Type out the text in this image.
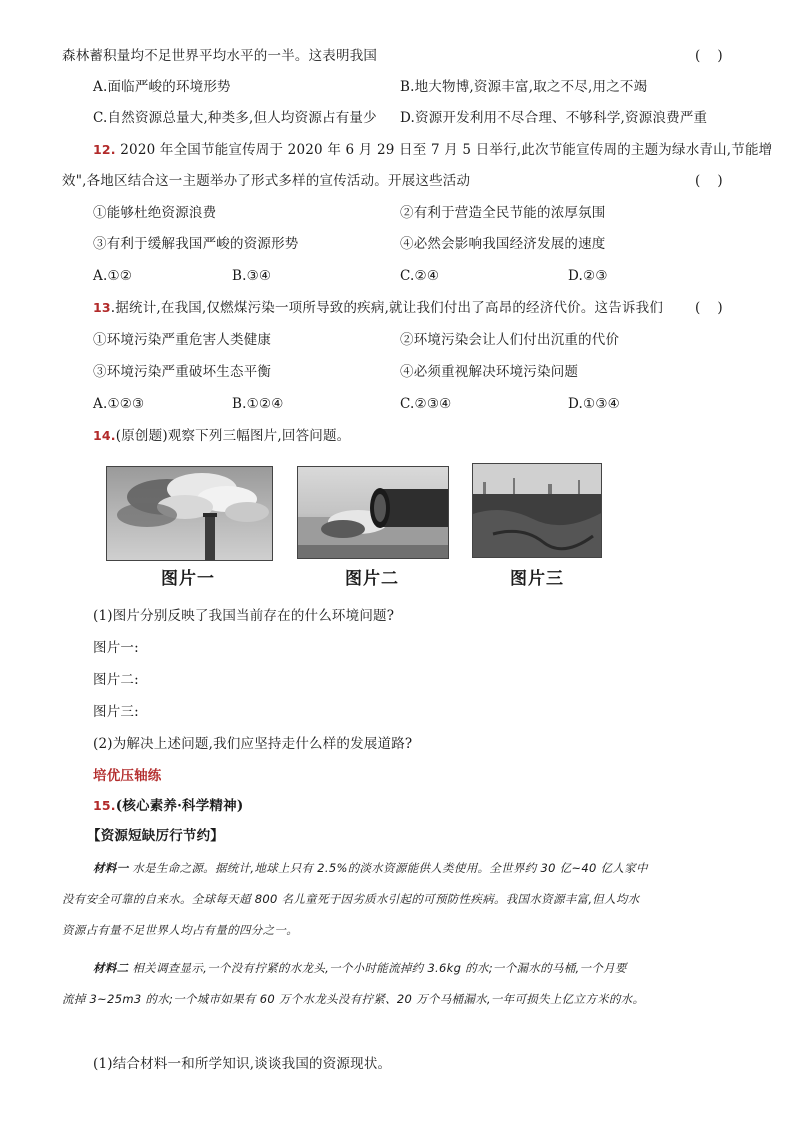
森林蓄积量均不足世界平均水平的一半。这表明我国	(    )
A.面临严峻的环境形势	B.地大物博,资源丰富,取之不尽,用之不竭
C.自然资源总量大,种类多,但人均资源占有量少 D.资源开发利用不尽合理、不够科学,资源浪费严重
12. 2020 年全国节能宣传周于 2020 年 6 月 29 日至 7 月 5 日举行,此次节能宣传周的主题为绿水青山,节能增
效",各地区结合这一主题举办了形式多样的宣传活动。开展这些活动	(    )
①能够杜绝资源浪费	②有利于营造全民节能的浓厚氛围
③有利于缓解我国严峻的资源形势	④必然会影响我国经济发展的速度
A.①②	B.③④	C.②④	D.②③
13.据统计,在我国,仅燃煤污染一项所导致的疾病,就让我们付出了高昂的经济代价。这告诉我们 (    )
①环境污染严重危害人类健康	②环境污染会让人们付出沉重的代价
③环境污染严重破坏生态平衡	④必须重视解决环境污染问题
A.①②③	B.①②④	C.②③④	D.①③④
14.(原创题)观察下列三幅图片,回答问题。
图片一	图片二	图片三
(1)图片分别反映了我国当前存在的什么环境问题?
图片一:
图片二:
图片三:
(2)为解决上述问题,我们应坚持走什么样的发展道路?
培优压轴练
15.(核心素养·科学精神)
【资源短缺厉行节约】
材料一 水是生命之源。据统计,地球上只有 2.5%的淡水资源能供人类使用。全世界约 30 亿~40 亿人家中
没有安全可靠的自来水。全球每天超 800 名儿童死于因劣质水引起的可预防性疾病。我国水资源丰富,但人均水
资源占有量不足世界人均占有量的四分之一。
材料二 相关调查显示,一个没有拧紧的水龙头,一个小时能流掉约 3.6kg 的水;一个漏水的马桶,一个月要
流掉 3~25m3 的水;一个城市如果有 60 万个水龙头没有拧紧、20 万个马桶漏水,一年可损失上亿立方米的水。
(1)结合材料一和所学知识,谈谈我国的资源现状。
